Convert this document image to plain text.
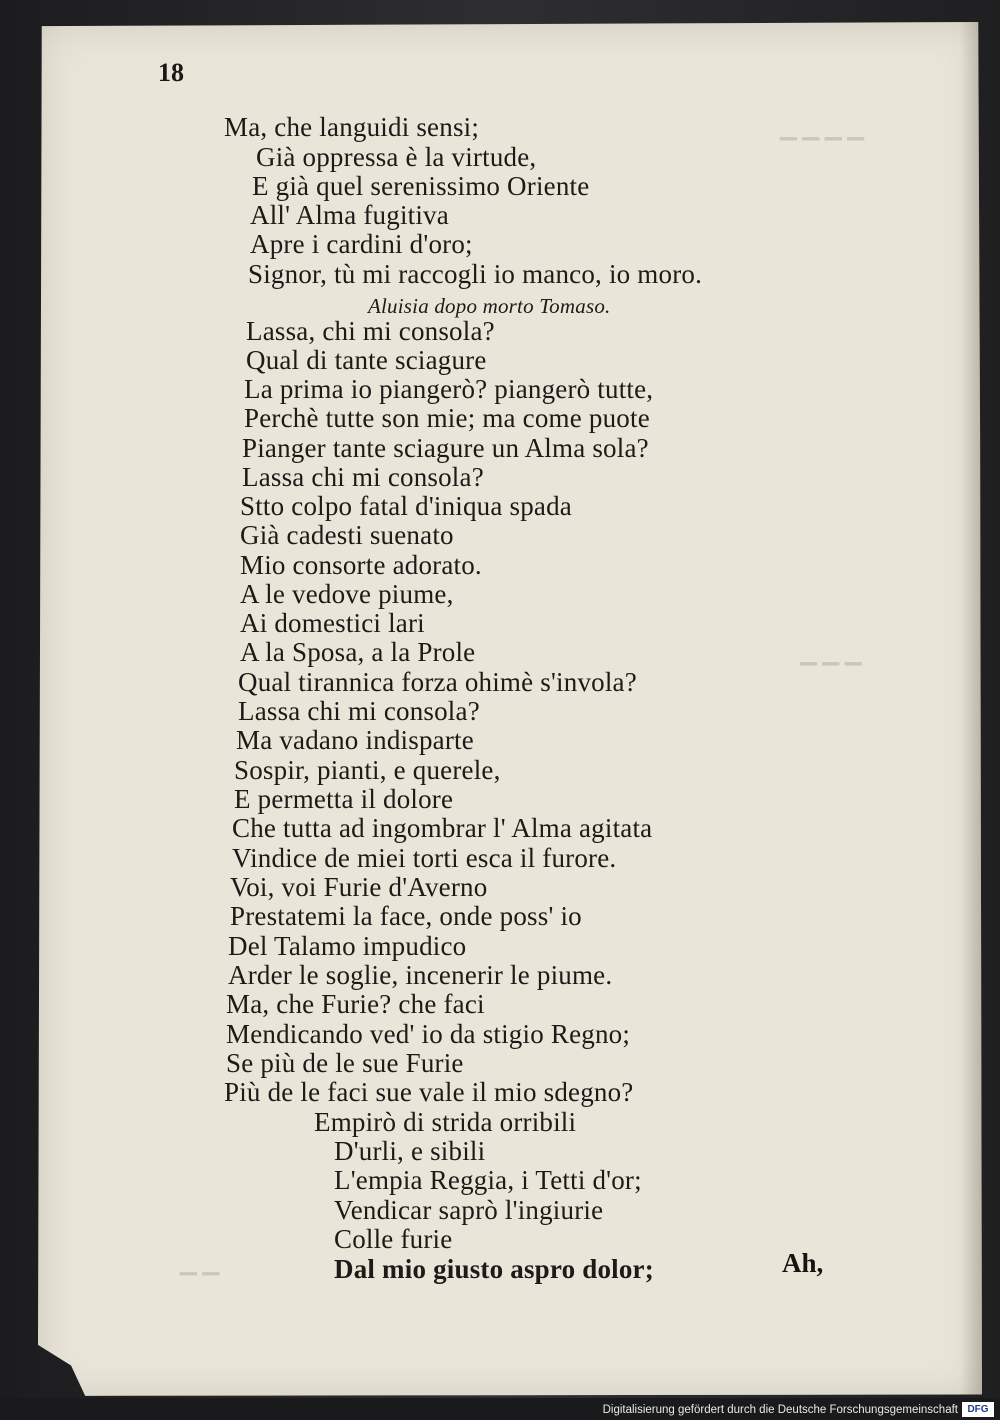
▁ ▁ ▁ ▁
▁ ▁ ▁
▁ ▁
18
Ma, che languidi sensi;
Già oppressa è la virtude,
E già quel serenissimo Oriente
All' Alma fugitiva
Apre i cardini d'oro;
Signor, tù mi raccogli io manco, io moro.
Aluisia dopo morto Tomaso.
Lassa, chi mi consola?
Qual di tante sciagure
La prima io piangerò? piangerò tutte,
Perchè tutte son mie; ma come puote
Pianger tante sciagure un Alma sola?
Lassa chi mi consola?
Stto colpo fatal d'iniqua spada
Già cadesti suenato
Mio consorte adorato.
A le vedove piume,
Ai domestici lari
A la Sposa, a la Prole
Qual tirannica forza ohimè s'invola?
Lassa chi mi consola?
Ma vadano indisparte
Sospir, pianti, e querele,
E permetta il dolore
Che tutta ad ingombrar l' Alma agitata
Vindice de miei torti esca il furore.
Voi, voi Furie d'Averno
Prestatemi la face, onde poss' io
Del Talamo impudico
Arder le soglie, incenerir le piume.
Ma, che Furie? che faci
Mendicando ved' io da stigio Regno;
Se più de le sue Furie
Più de le faci sue vale il mio sdegno?
Empirò di strida orribili
D'urli, e sibili
L'empia Reggia, i Tetti d'or;
Vendicar saprò l'ingiurie
Colle furie
Dal mio giusto aspro dolor;	Ah,
Digitalisierung gefördert durch die Deutsche Forschungsgemeinschaft DFG
